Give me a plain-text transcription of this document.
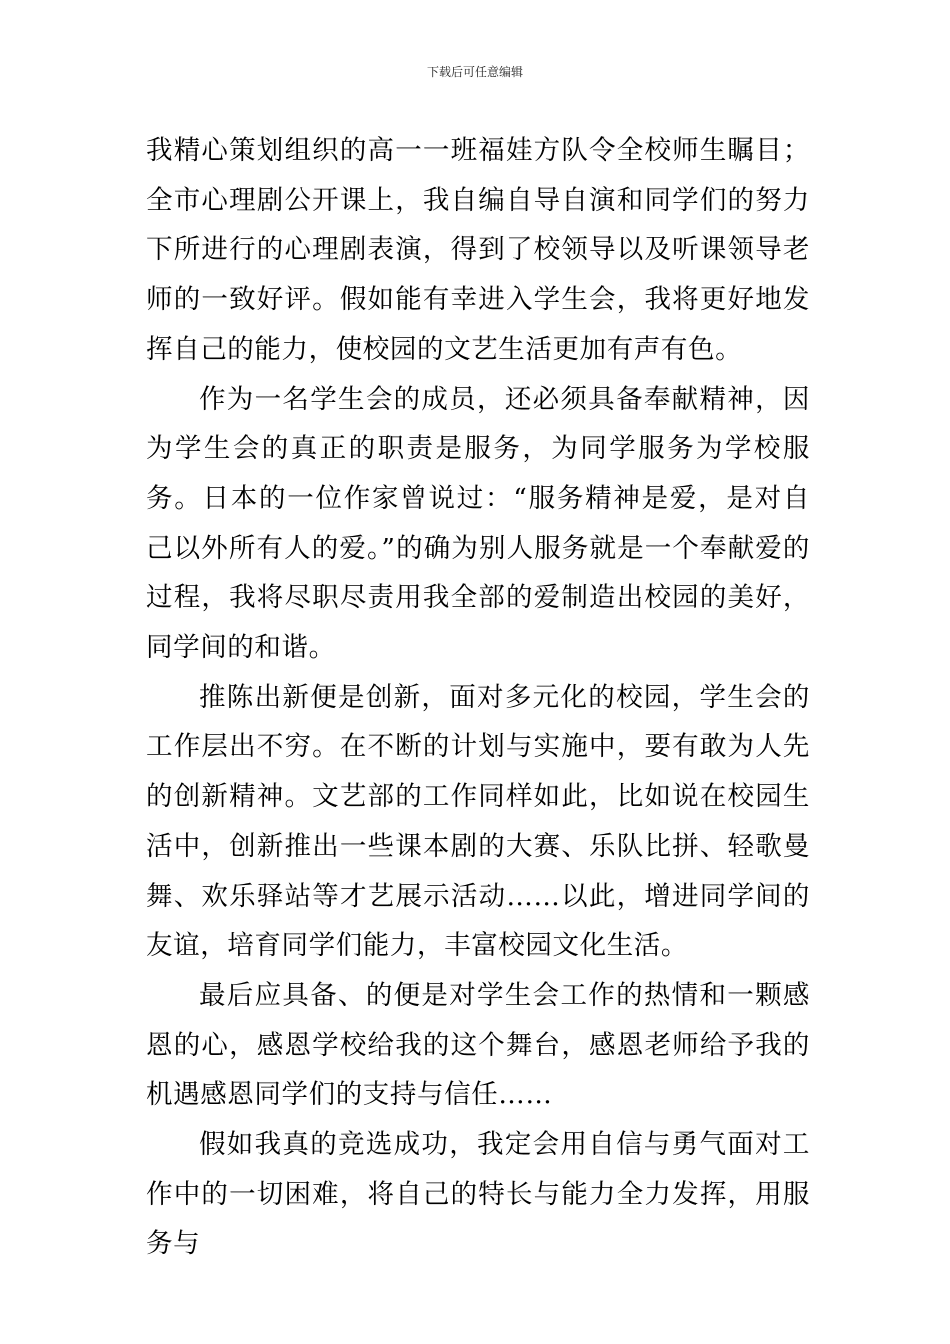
下载后可任意编辑

我精心策划组织的高一一班福娃方队令全校师生瞩目；全市心理剧公开课上，我自编自导自演和同学们的努力下所进行的心理剧表演，得到了校领导以及听课领导老师的一致好评。假如能有幸进入学生会，我将更好地发挥自己的能力，使校园的文艺生活更加有声有色。

作为一名学生会的成员，还必须具备奉献精神，因为学生会的真正的职责是服务，为同学服务为学校服务。日本的一位作家曾说过：“服务精神是爱，是对自己以外所有人的爱。”的确为别人服务就是一个奉献爱的过程，我将尽职尽责用我全部的爱制造出校园的美好，同学间的和谐。

推陈出新便是创新，面对多元化的校园，学生会的工作层出不穷。在不断的计划与实施中，要有敢为人先的创新精神。文艺部的工作同样如此，比如说在校园生活中，创新推出一些课本剧的大赛、乐队比拼、轻歌曼舞、欢乐驿站等才艺展示活动……以此，增进同学间的友谊，培育同学们能力，丰富校园文化生活。

最后应具备、的便是对学生会工作的热情和一颗感恩的心，感恩学校给我的这个舞台，感恩老师给予我的机遇感恩同学们的支持与信任……

假如我真的竞选成功，我定会用自信与勇气面对工作中的一切困难，将自己的特长与能力全力发挥，用服务与
